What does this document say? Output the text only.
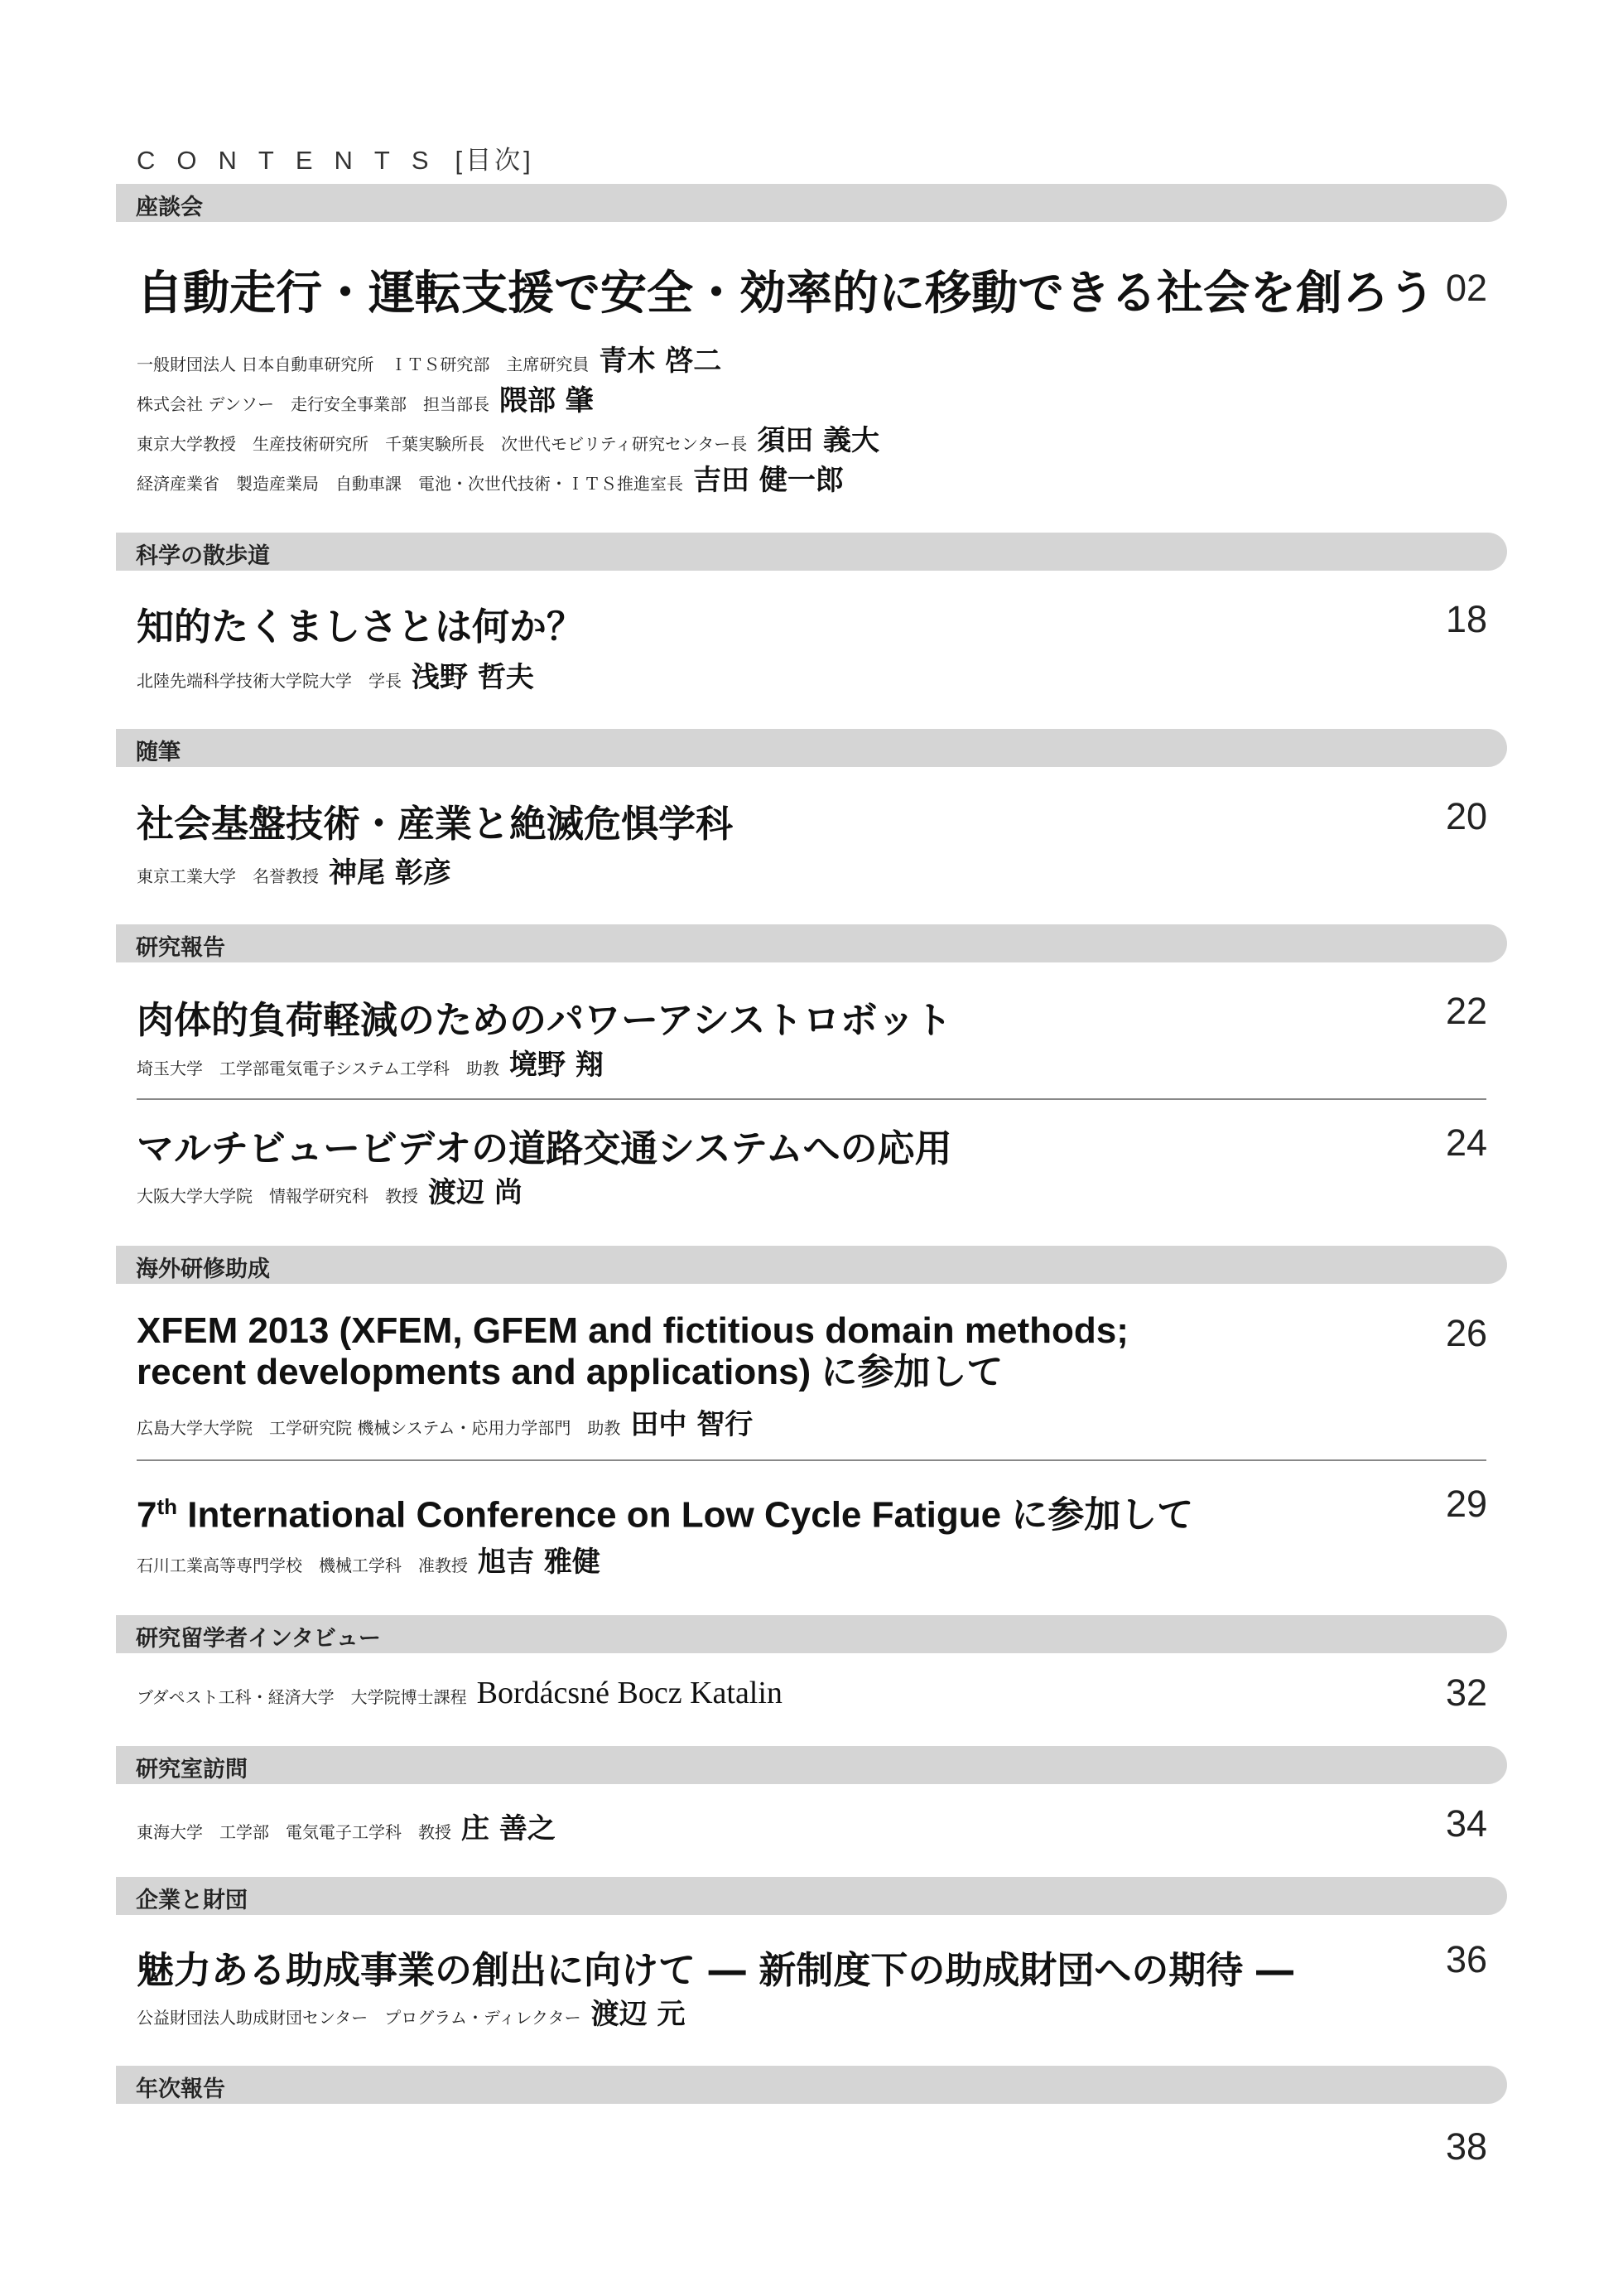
CONTENTS [目次]
座談会
自動走行・運転支援で安全・効率的に移動できる社会を創ろう 02
一般財団法人 日本自動車研究所　ＩＴＳ研究部　主席研究員 青木 啓二
株式会社 デンソー　走行安全事業部　担当部長 隈部 肇
東京大学教授　生産技術研究所　千葉実験所長　次世代モビリティ研究センター長 須田 義大
経済産業省　製造産業局　自動車課　電池・次世代技術・ＩＴＳ推進室長 吉田 健一郎
科学の散歩道
知的たくましさとは何か？	18
北陸先端科学技術大学院大学　学長 浅野 哲夫
随筆
社会基盤技術・産業と絶滅危惧学科	20
東京工業大学　名誉教授 神尾 彰彦
研究報告
肉体的負荷軽減のためのパワーアシストロボット	22
埼玉大学　工学部電気電子システム工学科　助教 境野 翔
マルチビュービデオの道路交通システムへの応用	24
大阪大学大学院　情報学研究科　教授 渡辺 尚
海外研修助成
XFEM 2013 (XFEM, GFEM and fictitious domain methods;
recent developments and applications) に参加して
26
広島大学大学院　工学研究院 機械システム・応用力学部門　助教 田中 智行
7th International Conference on Low Cycle Fatigue に参加して	29
石川工業高等専門学校　機械工学科　准教授 旭吉 雅健
研究留学者インタビュー
ブダペスト工科・経済大学　大学院博士課程 Bordácsné Bocz Katalin	32
研究室訪問
東海大学　工学部　電気電子工学科　教授 庄 善之	34
企業と財団
魅力ある助成事業の創出に向けて ― 新制度下の助成財団への期待 ―	36
公益財団法人助成財団センター　プログラム・ディレクター 渡辺 元
年次報告
38
